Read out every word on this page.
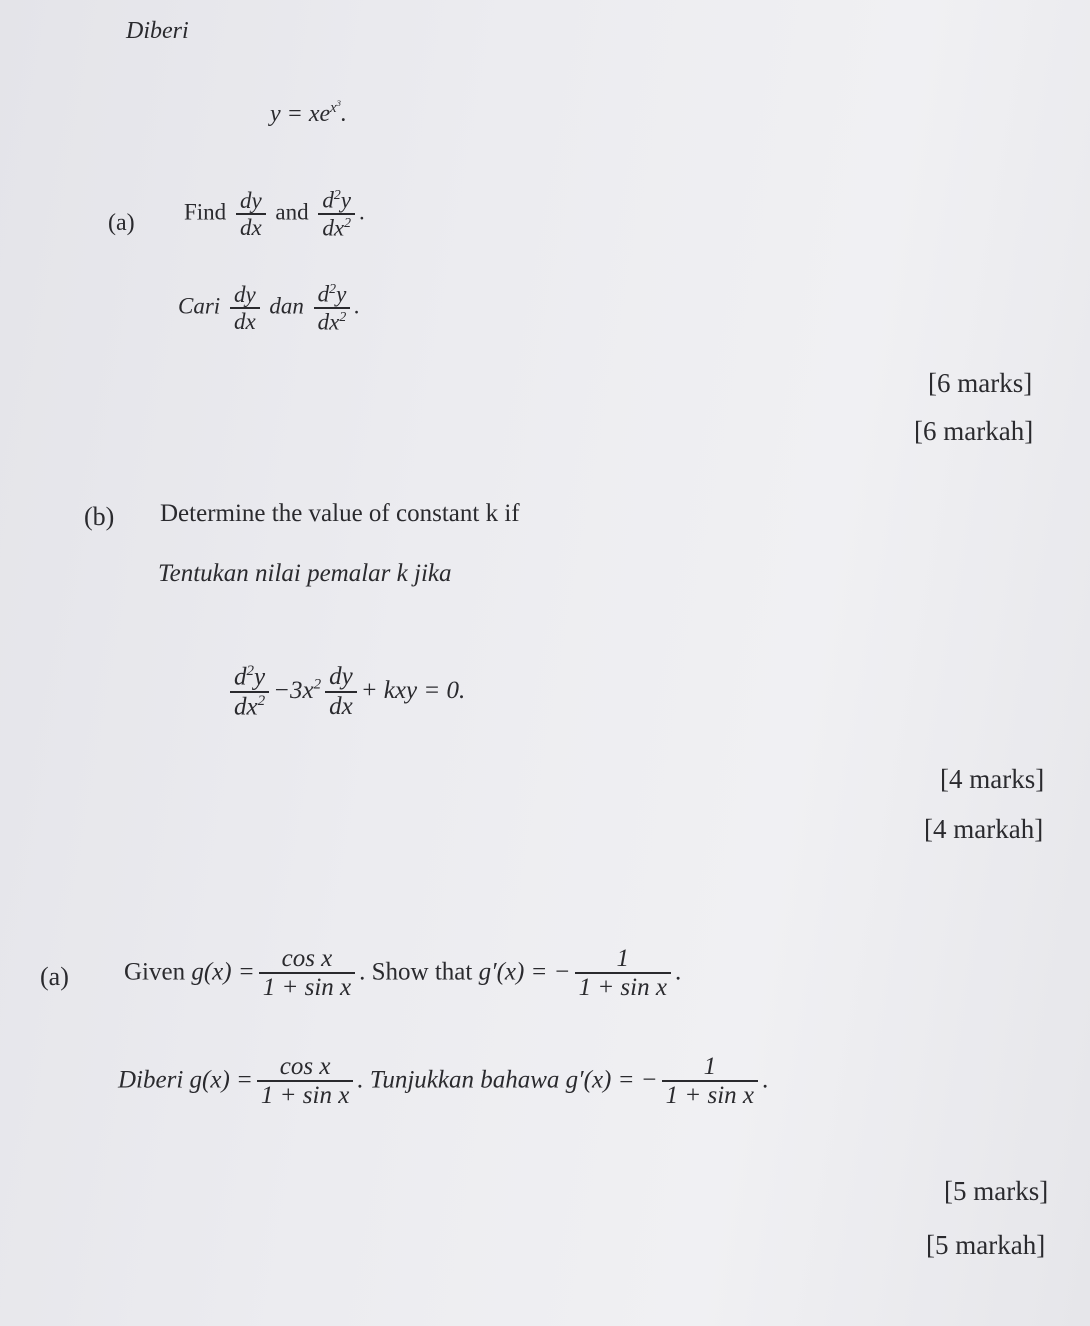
Diberi
$y = xe^{x^3}$.
(a) Find $\frac{dy}{dx}$ and $\frac{d^2y}{dx^2}$ .
Cari $\frac{dy}{dx}$ dan $\frac{d^2y}{dx^2}$ .
[6 marks]
[6 markah]
(b) Determine the value of constant k if
Tentukan nilai pemalar k jika
$\frac{d^2y}{dx^2} -3x^2 \frac{dy}{dx}$ + kxy = 0.
[4 marks]
[4 markah]
(a) Given $g(x) = \frac{\text{cos x}}{\text{1 + sin x}}$ . Show that g′(x) = − $\frac{1}{\text{1 + sin x}}$ .
Diberi $g(x) = \frac{\text{cos x}}{\text{1 + sin x}}$ . Tunjukkan bahawa g′(x) = − $\frac{1}{\text{1 + sin x}}$ .
[5 marks]
[5 markah]
